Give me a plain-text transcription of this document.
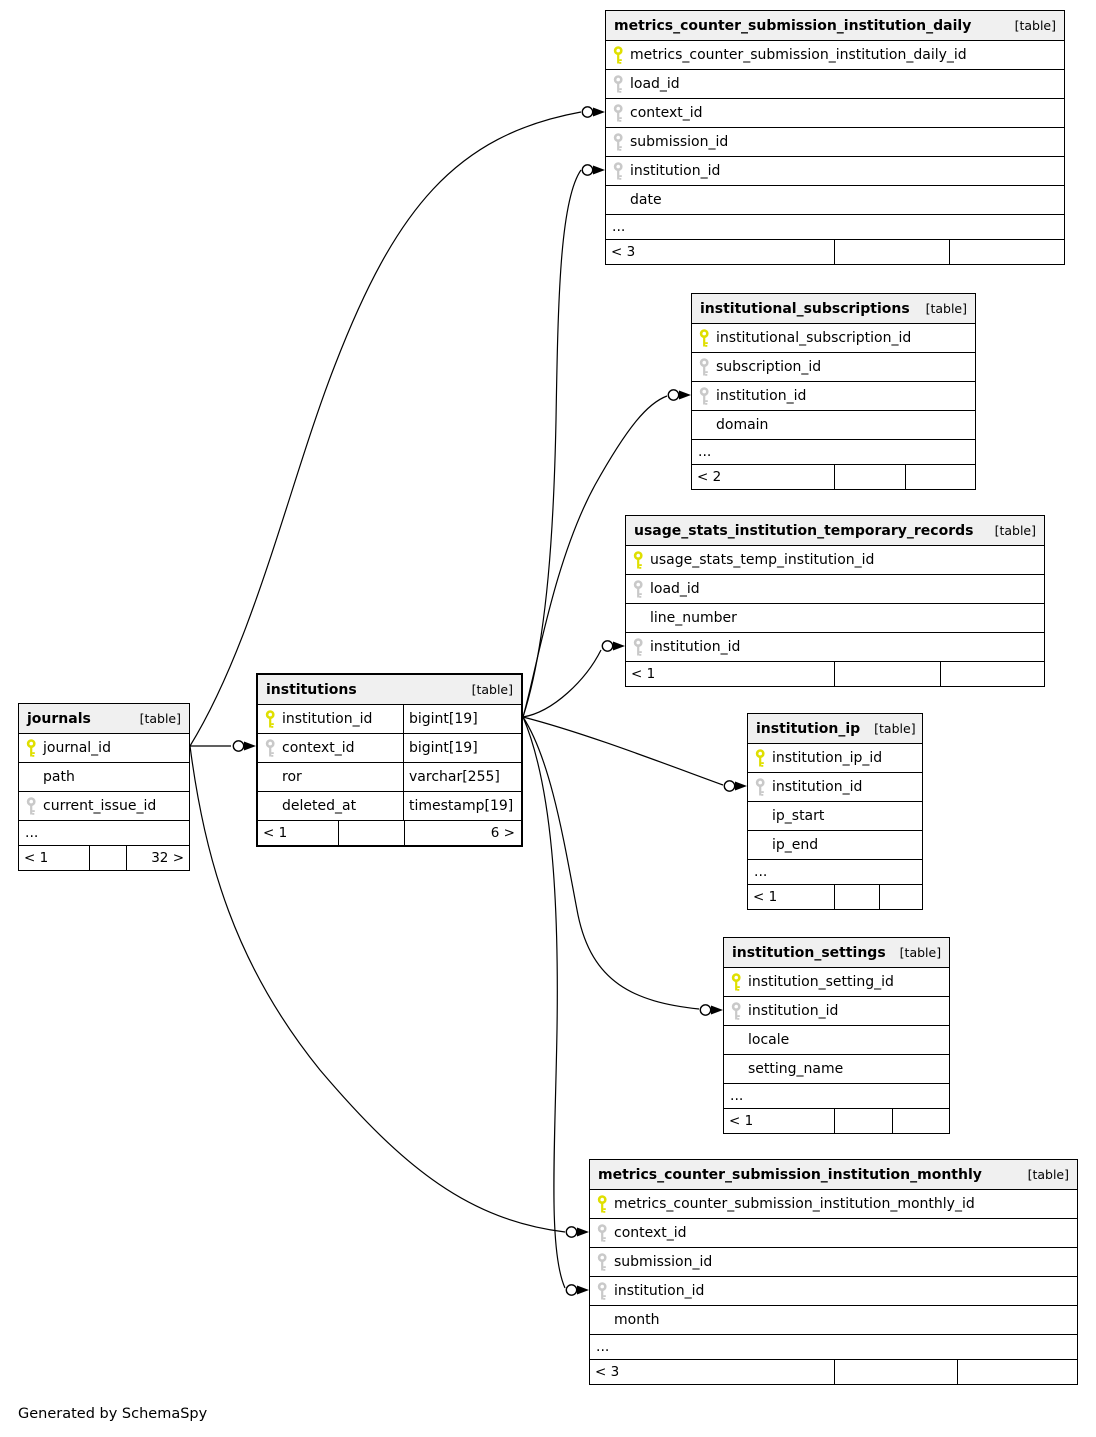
metrics_counter_submission_institution_daily	[table]
metrics_counter_submission_institution_daily_id
load_id
context_id
submission_id
institution_id
date
...
< 3
institutional_subscriptions	[table]
institutional_subscription_id
subscription_id
institution_id
domain
...
< 2
usage_stats_institution_temporary_records	[table]
usage_stats_temp_institution_id
load_id
line_number
institution_id
< 1
institutions	[table]
institution_id	bigint[19]
context_id	bigint[19]
ror	varchar[255]
deleted_at	timestamp[19]
< 1	6 >
journals	[table]
journal_id
path
current_issue_id
...
< 1	32 >
institution_ip	[table]
institution_ip_id
institution_id
ip_start
ip_end
...
< 1
institution_settings	[table]
institution_setting_id
institution_id
locale
setting_name
...
< 1
metrics_counter_submission_institution_monthly	[table]
metrics_counter_submission_institution_monthly_id
context_id
submission_id
institution_id
month
...
< 3
Generated by SchemaSpy
